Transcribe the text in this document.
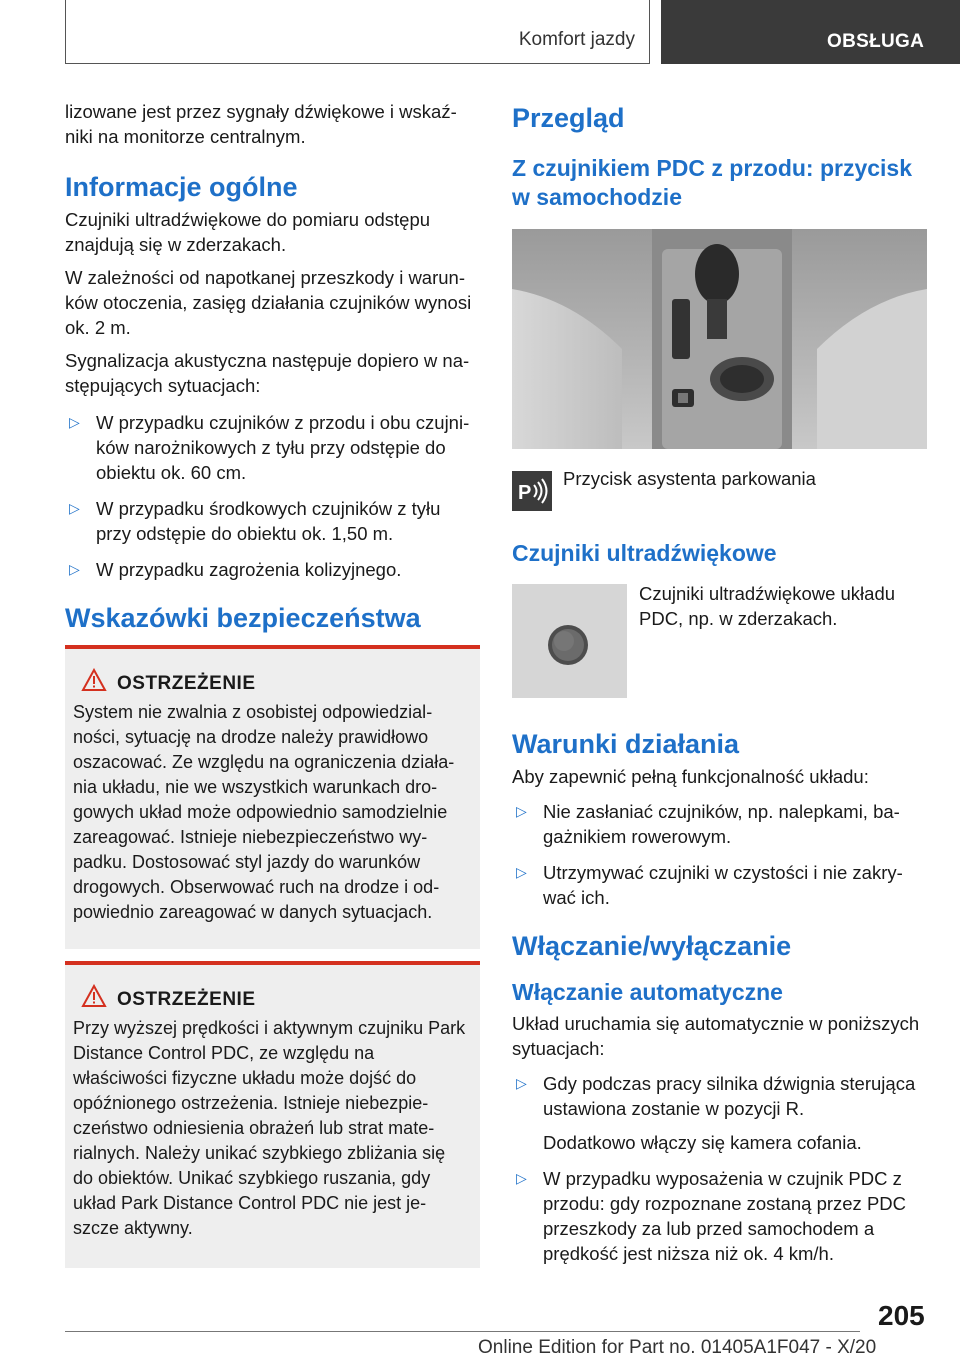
Komfort jazdy	OBSŁUGA

lizowane jest przez sygnały dźwiękowe i wskaźniki na monitorze centralnym.

Informacje ogólne

Czujniki ultradźwiękowe do pomiaru odstępu znajdują się w zderzakach.

W zależności od napotkanej przeszkody i warunków otoczenia, zasięg działania czujników wynosi ok. 2 m.

Sygnalizacja akustyczna następuje dopiero w następujących sytuacjach:

▷ W przypadku czujników z przodu i obu czujników narożnikowych z tyłu przy odstępie do obiektu ok. 60 cm.
▷ W przypadku środkowych czujników z tyłu przy odstępie do obiektu ok. 1,50 m.
▷ W przypadku zagrożenia kolizyjnego.
Wskazówki bezpieczeństwa
OSTRZEŻENIE
System nie zwalnia z osobistej odpowiedzialności, sytuację na drodze należy prawidłowo oszacować. Ze względu na ograniczenia działania układu, nie we wszystkich warunkach drogowych układ może odpowiednio samodzielnie zareagować. Istnieje niebezpieczeństwo wypadku. Dostosować styl jazdy do warunków drogowych. Obserwować ruch na drodze i odpowiednio zareagować w danych sytuacjach.
OSTRZEŻENIE
Przy wyższej prędkości i aktywnym czujniku Park Distance Control PDC, ze względu na właściwości fizyczne układu może dojść do opóźnionego ostrzeżenia. Istnieje niebezpieczeństwo odniesienia obrażeń lub strat materialnych. Należy unikać szybkiego zbliżania się do obiektów. Unikać szybkiego ruszania, gdy układ Park Distance Control PDC nie jest jeszcze aktywny.
Przegląd
Z czujnikiem PDC z przodu: przycisk w samochodzie
P
Przycisk asystenta parkowania
Czujniki ultradźwiękowe
Czujniki ultradźwiękowe układu PDC, np. w zderzakach.
Warunki działania

Aby zapewnić pełną funkcjonalność układu:

▷ Nie zasłaniać czujników, np. nalepkami, bagażnikiem rowerowym.
▷ Utrzymywać czujniki w czystości i nie zakrywać ich.
Włączanie/wyłączanie
Włączanie automatyczne

Układ uruchamia się automatycznie w poniższych sytuacjach:

▷ Gdy podczas pracy silnika dźwignia sterująca ustawiona zostanie w pozycji R.
Dodatkowo włączy się kamera cofania.
▷ W przypadku wyposażenia w czujnik PDC z przodu: gdy rozpoznane zostaną przez PDC przeszkody za lub przed samochodem a prędkość jest niższa niż ok. 4 km/h.
205
Online Edition for Part no. 01405A1F047 - X/20
